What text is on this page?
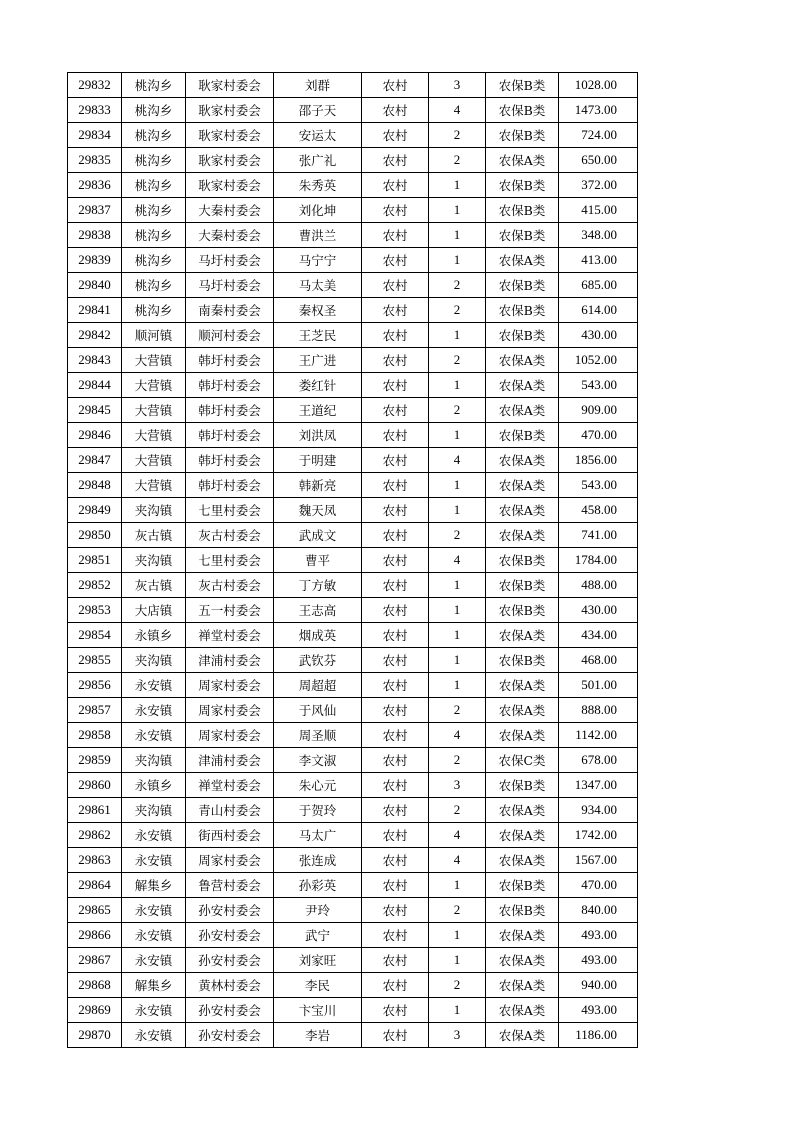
29832	桃沟乡	耿家村委会	刘群	农村	3	农保B类	1028.00
29833	桃沟乡	耿家村委会	邵子天	农村	4	农保B类	1473.00
29834	桃沟乡	耿家村委会	安运太	农村	2	农保B类	724.00
29835	桃沟乡	耿家村委会	张广礼	农村	2	农保A类	650.00
29836	桃沟乡	耿家村委会	朱秀英	农村	1	农保B类	372.00
29837	桃沟乡	大秦村委会	刘化坤	农村	1	农保B类	415.00
29838	桃沟乡	大秦村委会	曹洪兰	农村	1	农保B类	348.00
29839	桃沟乡	马圩村委会	马宁宁	农村	1	农保A类	413.00
29840	桃沟乡	马圩村委会	马太美	农村	2	农保B类	685.00
29841	桃沟乡	南秦村委会	秦权圣	农村	2	农保B类	614.00
29842	顺河镇	顺河村委会	王芝民	农村	1	农保B类	430.00
29843	大营镇	韩圩村委会	王广进	农村	2	农保A类	1052.00
29844	大营镇	韩圩村委会	娄红针	农村	1	农保A类	543.00
29845	大营镇	韩圩村委会	王道纪	农村	2	农保A类	909.00
29846	大营镇	韩圩村委会	刘洪凤	农村	1	农保B类	470.00
29847	大营镇	韩圩村委会	于明建	农村	4	农保A类	1856.00
29848	大营镇	韩圩村委会	韩新亮	农村	1	农保A类	543.00
29849	夹沟镇	七里村委会	魏天凤	农村	1	农保A类	458.00
29850	灰古镇	灰古村委会	武成文	农村	2	农保A类	741.00
29851	夹沟镇	七里村委会	曹平	农村	4	农保B类	1784.00
29852	灰古镇	灰古村委会	丁方敏	农村	1	农保B类	488.00
29853	大店镇	五一村委会	王志高	农村	1	农保B类	430.00
29854	永镇乡	禅堂村委会	烟成英	农村	1	农保A类	434.00
29855	夹沟镇	津浦村委会	武钦芬	农村	1	农保B类	468.00
29856	永安镇	周家村委会	周超超	农村	1	农保A类	501.00
29857	永安镇	周家村委会	于风仙	农村	2	农保A类	888.00
29858	永安镇	周家村委会	周圣顺	农村	4	农保A类	1142.00
29859	夹沟镇	津浦村委会	李文淑	农村	2	农保C类	678.00
29860	永镇乡	禅堂村委会	朱心元	农村	3	农保B类	1347.00
29861	夹沟镇	青山村委会	于贺玲	农村	2	农保A类	934.00
29862	永安镇	街西村委会	马太广	农村	4	农保A类	1742.00
29863	永安镇	周家村委会	张连成	农村	4	农保A类	1567.00
29864	解集乡	鲁营村委会	孙彩英	农村	1	农保B类	470.00
29865	永安镇	孙安村委会	尹玲	农村	2	农保B类	840.00
29866	永安镇	孙安村委会	武宁	农村	1	农保A类	493.00
29867	永安镇	孙安村委会	刘家旺	农村	1	农保A类	493.00
29868	解集乡	黄林村委会	李民	农村	2	农保A类	940.00
29869	永安镇	孙安村委会	卞宝川	农村	1	农保A类	493.00
29870	永安镇	孙安村委会	李岩	农村	3	农保A类	1186.00
